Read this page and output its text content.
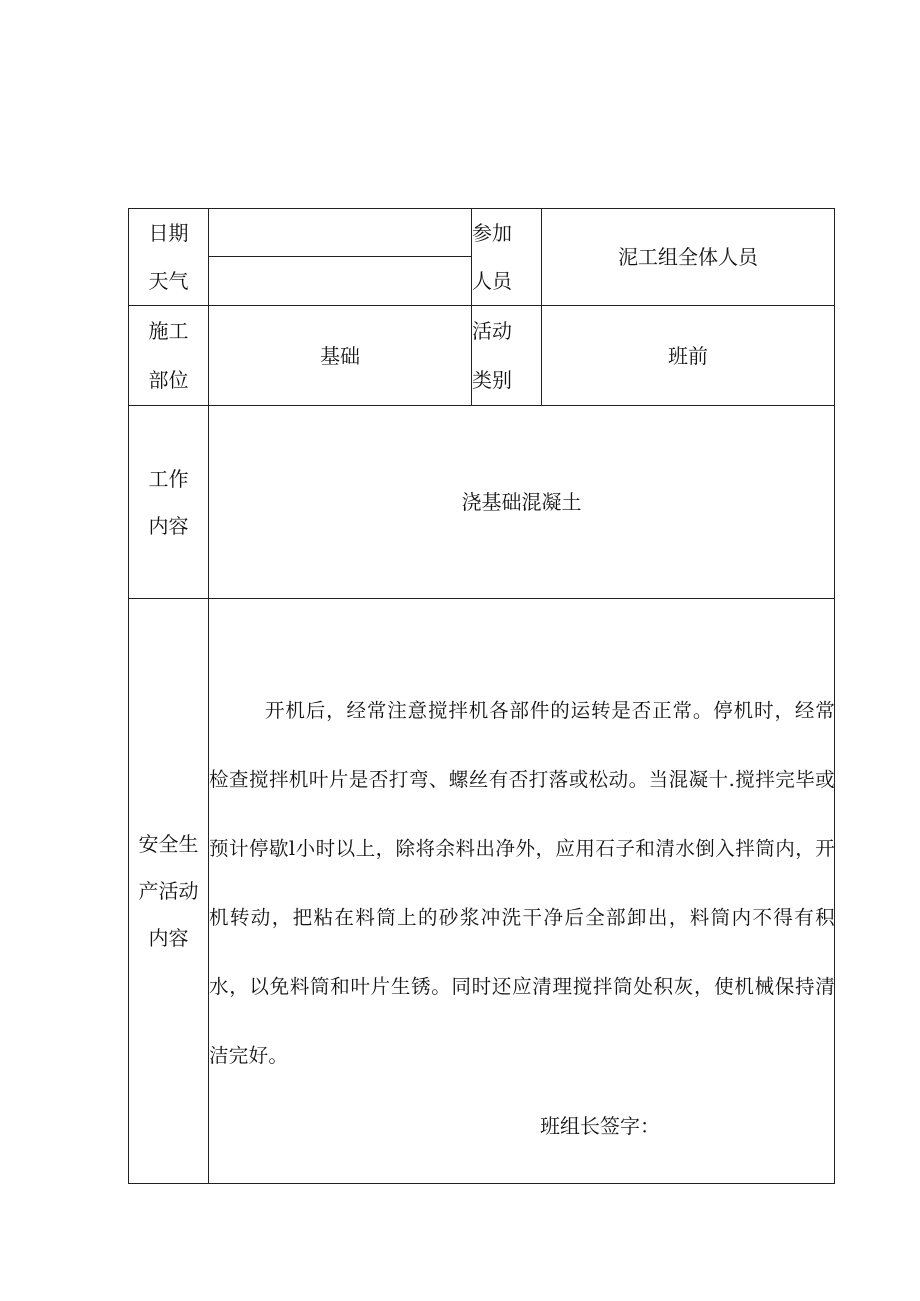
日期
天气
参加
人员
泥工组全体人员
施工
部位
基础
活动
类别
班前
工作
内容
浇基础混凝土
安全生
产活动
内容
开机后，经常注意搅拌机各部件的运转是否正常。停机时，经常检查搅拌机叶片是否打弯、螺丝有否打落或松动。当混凝十.搅拌完毕或预计停歇l小时以上，除将余料出净外，应用石子和清水倒入拌筒内，开机转动，把粘在料筒上的砂浆冲洗干净后全部卸出，料筒内不得有积水，以免料筒和叶片生锈。同时还应清理搅拌筒处积灰，使机械保持清洁完好。
班组长签字：
